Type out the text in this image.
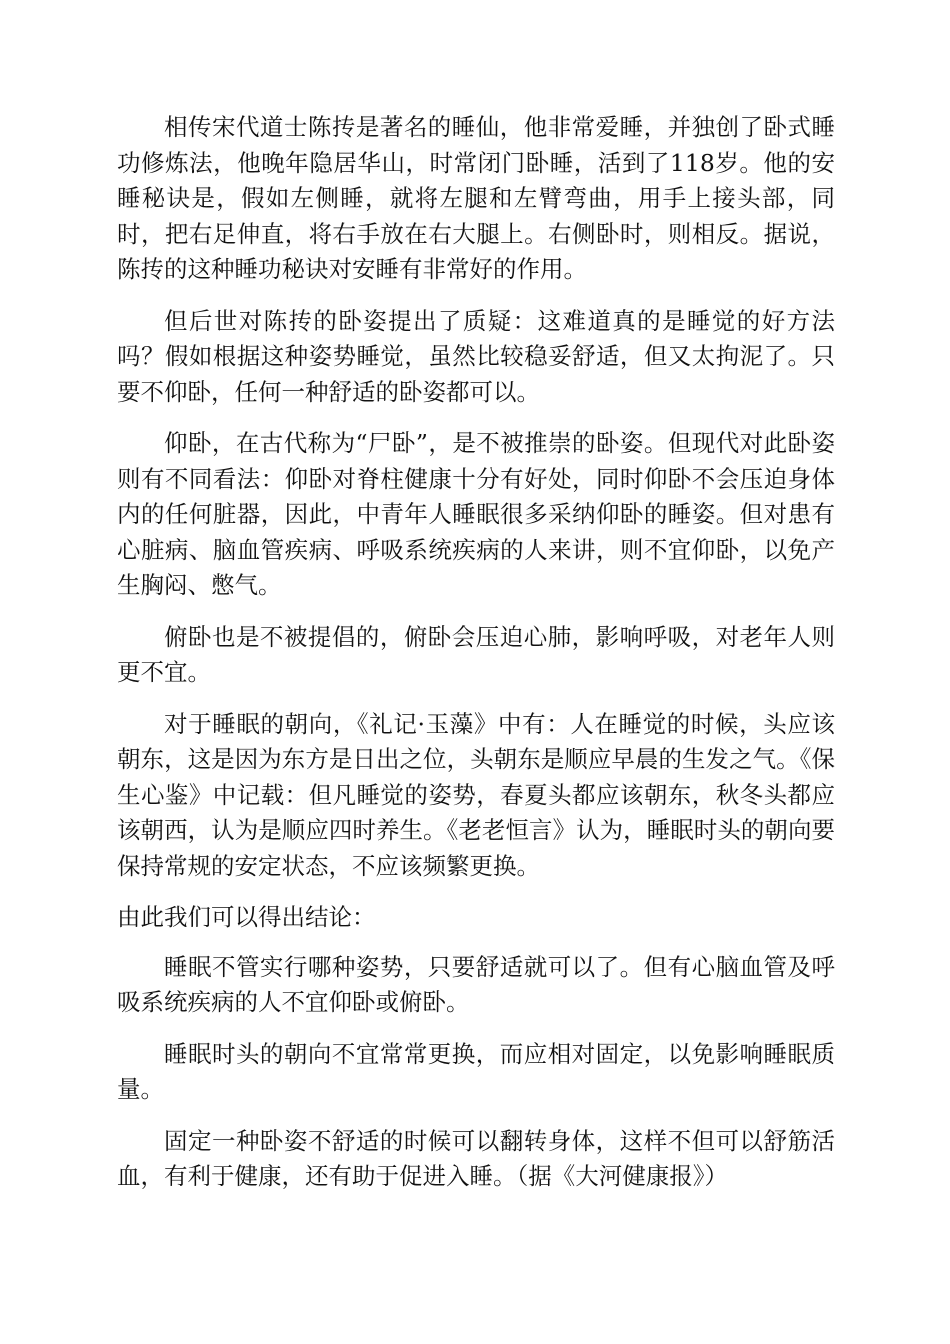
相传宋代道士陈抟是著名的睡仙，他非常爱睡，并独创了卧式睡功修炼法，他晚年隐居华山，时常闭门卧睡，活到了118岁。他的安睡秘诀是，假如左侧睡，就将左腿和左臂弯曲，用手上接头部，同时，把右足伸直，将右手放在右大腿上。右侧卧时，则相反。据说，陈抟的这种睡功秘诀对安睡有非常好的作用。

但后世对陈抟的卧姿提出了质疑：这难道真的是睡觉的好方法吗？假如根据这种姿势睡觉，虽然比较稳妥舒适，但又太拘泥了。只要不仰卧，任何一种舒适的卧姿都可以。

仰卧，在古代称为“尸卧”，是不被推崇的卧姿。但现代对此卧姿则有不同看法：仰卧对脊柱健康十分有好处，同时仰卧不会压迫身体内的任何脏器，因此，中青年人睡眠很多采纳仰卧的睡姿。但对患有心脏病、脑血管疾病、呼吸系统疾病的人来讲，则不宜仰卧，以免产生胸闷、憋气。

俯卧也是不被提倡的，俯卧会压迫心肺，影响呼吸，对老年人则更不宜。

对于睡眠的朝向，《礼记·玉藻》中有：人在睡觉的时候，头应该朝东，这是因为东方是日出之位，头朝东是顺应早晨的生发之气。《保生心鉴》中记载：但凡睡觉的姿势，春夏头都应该朝东，秋冬头都应该朝西，认为是顺应四时养生。《老老恒言》认为，睡眠时头的朝向要保持常规的安定状态，不应该频繁更换。

由此我们可以得出结论：

睡眠不管实行哪种姿势，只要舒适就可以了。但有心脑血管及呼吸系统疾病的人不宜仰卧或俯卧。

睡眠时头的朝向不宜常常更换，而应相对固定，以免影响睡眠质量。

固定一种卧姿不舒适的时候可以翻转身体，这样不但可以舒筋活血，有利于健康，还有助于促进入睡。（据《大河健康报》）
